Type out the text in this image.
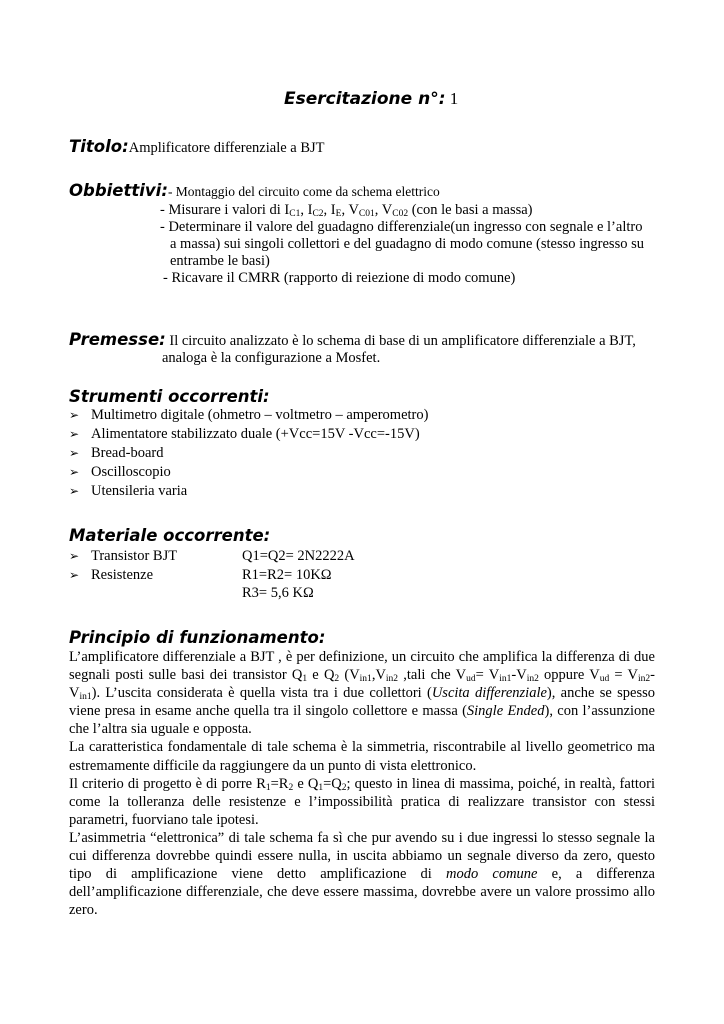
Esercitazione n°: 1
Titolo:Amplificatore differenziale a BJT
Obbiettivi:- Montaggio del circuito come da schema elettrico
- Misurare i valori di $I_{C1}$, $I_{C2}$, $I_E$, $V_{C01}$, $V_{C02}$ (con le basi a massa)
- Determinare il valore del guadagno differenziale(un ingresso con segnale e l’altro
a massa) sui singoli collettori e del guadagno di modo comune (stesso ingresso su
entrambe le basi)
- Ricavare il CMRR (rapporto di reiezione di modo comune)
Premesse: Il circuito analizzato è lo schema di base di un amplificatore differenziale a BJT,
analoga è la configurazione a Mosfet.
Strumenti occorrenti:
➢ Multimetro digitale (ohmetro – voltmetro – amperometro)
➢ Alimentatore stabilizzato duale (+Vcc=15V -Vcc=-15V)
➢ Bread-board
➢ Oscilloscopio
➢ Utensileria varia
Materiale occorrente:
➢ Transistor BJT	Q1=Q2= 2N2222A
➢ Resistenze	R1=R2= 10KΩ
R3= 5,6 KΩ
Principio di funzionamento:

L’amplificatore differenziale a BJT , è per definizione, un circuito che amplifica la differenza di due segnali posti sulle basi dei transistor $Q_1$ e $Q_2$ ($V_{in1},V_{in2}$ ,tali che $V_{ud}= V_{in1}-V_{in2}$ oppure $V_{ud} = V_{in2}-V_{in1}$). L’uscita considerata è quella vista tra i due collettori (Uscita differenziale), anche se spesso viene presa in esame anche quella tra il singolo collettore e massa (Single Ended), con l’assunzione che l’altra sia uguale e opposta.

La caratteristica fondamentale di tale schema è la simmetria, riscontrabile al livello geometrico ma estremamente difficile da raggiungere da un punto di vista elettronico.

Il criterio di progetto è di porre $R_1=R_2$ e $Q_1=Q_2$; questo in linea di massima, poiché, in realtà, fattori come la tolleranza delle resistenze e l’impossibilità pratica di realizzare transistor con stessi parametri, fuorviano tale ipotesi.

L’asimmetria “elettronica” di tale schema fa sì che pur avendo su i due ingressi lo stesso segnale la cui differenza dovrebbe quindi essere nulla, in uscita abbiamo un segnale diverso da zero, questo tipo di amplificazione viene detto amplificazione di modo comune e, a differenza dell’amplificazione differenziale, che deve essere massima, dovrebbe avere un valore prossimo allo zero.
